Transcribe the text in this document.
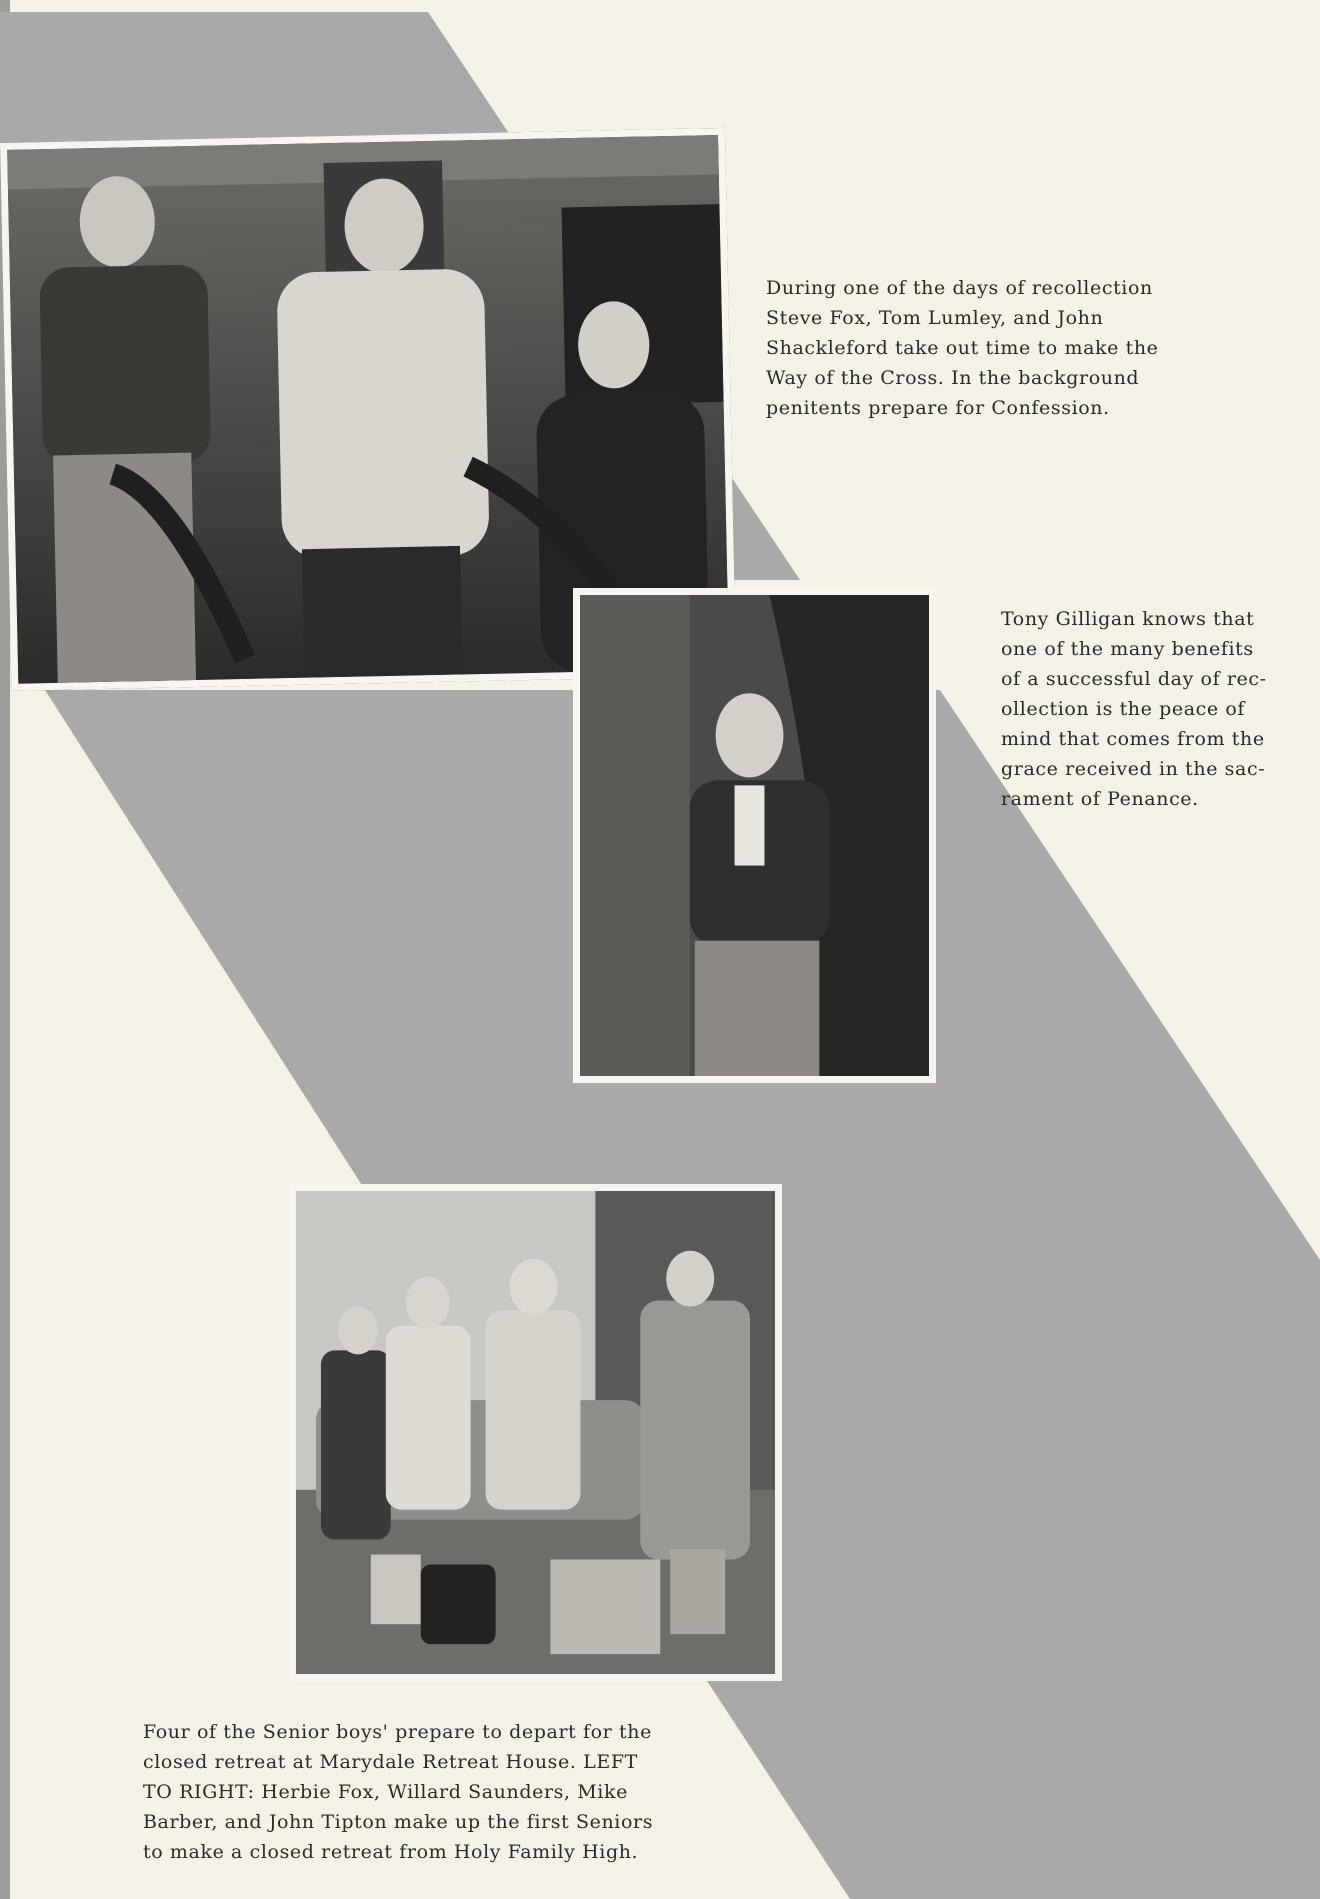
During one of the days of recollection
Steve Fox, Tom Lumley, and John
Shackleford take out time to make the
Way of the Cross. In the background
penitents prepare for Confession.

Tony Gilligan knows that
one of the many benefits
of a successful day of rec-
ollection is the peace of
mind that comes from the
grace received in the sac-
rament of Penance.

Four of the Senior boys' prepare to depart for the
closed retreat at Marydale Retreat House. LEFT
TO RIGHT: Herbie Fox, Willard Saunders, Mike
Barber, and John Tipton make up the first Seniors
to make a closed retreat from Holy Family High.
